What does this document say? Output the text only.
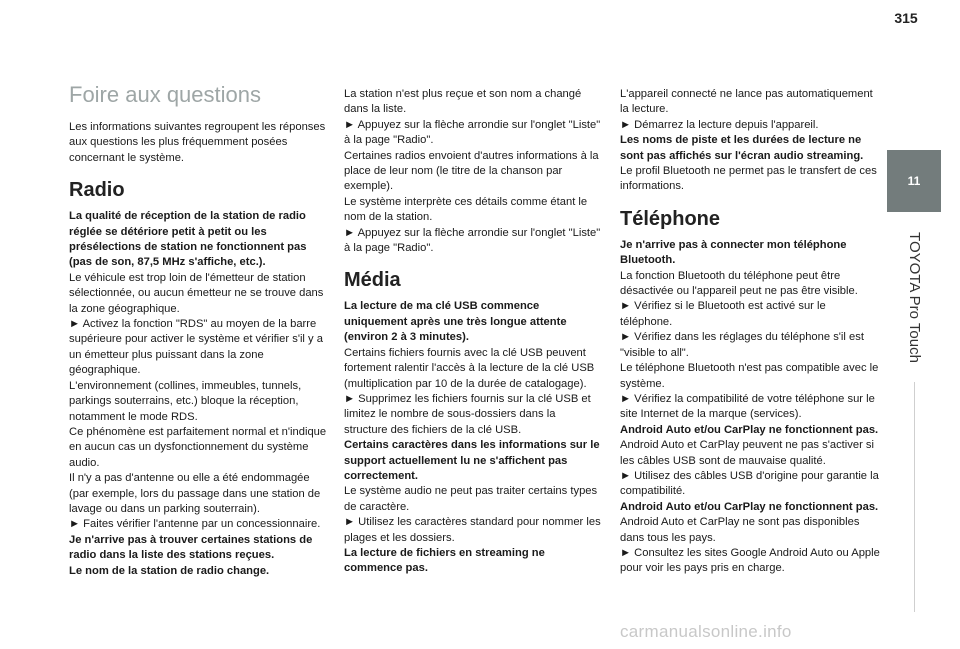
315
11
TOYOTA Pro Touch
Foire aux questions

Les informations suivantes regroupent les réponses aux questions les plus fréquemment posées concernant le système.

Radio

La qualité de réception de la station de radio réglée se détériore petit à petit ou les présélections de station ne fonctionnent pas (pas de son, 87,5 MHz s'affiche, etc.).

Le véhicule est trop loin de l'émetteur de station sélectionnée, ou aucun émetteur ne se trouve dans la zone géographique.

► Activez la fonction "RDS" au moyen de la barre supérieure pour activer le système et vérifier s'il y a un émetteur plus puissant dans la zone géographique.

L'environnement (collines, immeubles, tunnels, parkings souterrains, etc.) bloque la réception, notamment le mode RDS.

Ce phénomène est parfaitement normal et n'indique en aucun cas un dysfonctionnement du système audio.

Il n'y a pas d'antenne ou elle a été endommagée (par exemple, lors du passage dans une station de lavage ou dans un parking souterrain).

► Faites vérifier l'antenne par un concessionnaire.

Je n'arrive pas à trouver certaines stations de radio dans la liste des stations reçues.

Le nom de la station de radio change.

La station n'est plus reçue et son nom a changé dans la liste.

► Appuyez sur la flèche arrondie sur l'onglet "Liste" à la page "Radio".

Certaines radios envoient d'autres informations à la place de leur nom (le titre de la chanson par exemple).

Le système interprète ces détails comme étant le nom de la station.

► Appuyez sur la flèche arrondie sur l'onglet "Liste" à la page "Radio".

Média

La lecture de ma clé USB commence uniquement après une très longue attente (environ 2 à 3 minutes).

Certains fichiers fournis avec la clé USB peuvent fortement ralentir l'accès à la lecture de la clé USB (multiplication par 10 de la durée de catalogage).

► Supprimez les fichiers fournis sur la clé USB et limitez le nombre de sous-dossiers dans la structure des fichiers de la clé USB.

Certains caractères dans les informations sur le support actuellement lu ne s'affichent pas correctement.

Le système audio ne peut pas traiter certains types de caractère.

► Utilisez les caractères standard pour nommer les plages et les dossiers.

La lecture de fichiers en streaming ne commence pas.

L'appareil connecté ne lance pas automatiquement la lecture.

► Démarrez la lecture depuis l'appareil.

Les noms de piste et les durées de lecture ne sont pas affichés sur l'écran audio streaming.

Le profil Bluetooth ne permet pas le transfert de ces informations.

Téléphone

Je n'arrive pas à connecter mon téléphone Bluetooth.

La fonction Bluetooth du téléphone peut être désactivée ou l'appareil peut ne pas être visible.

► Vérifiez si le Bluetooth est activé sur le téléphone.

► Vérifiez dans les réglages du téléphone s'il est "visible to all".

Le téléphone Bluetooth n'est pas compatible avec le système.

► Vérifiez la compatibilité de votre téléphone sur le site Internet de la marque (services).

Android Auto et/ou CarPlay ne fonctionnent pas.

Android Auto et CarPlay peuvent ne pas s'activer si les câbles USB sont de mauvaise qualité.

► Utilisez des câbles USB d'origine pour garantie la compatibilité.

Android Auto et/ou CarPlay ne fonctionnent pas.

Android Auto et CarPlay ne sont pas disponibles dans tous les pays.

► Consultez les sites Google Android Auto ou Apple pour voir les pays pris en charge.

carmanualsonline.info
